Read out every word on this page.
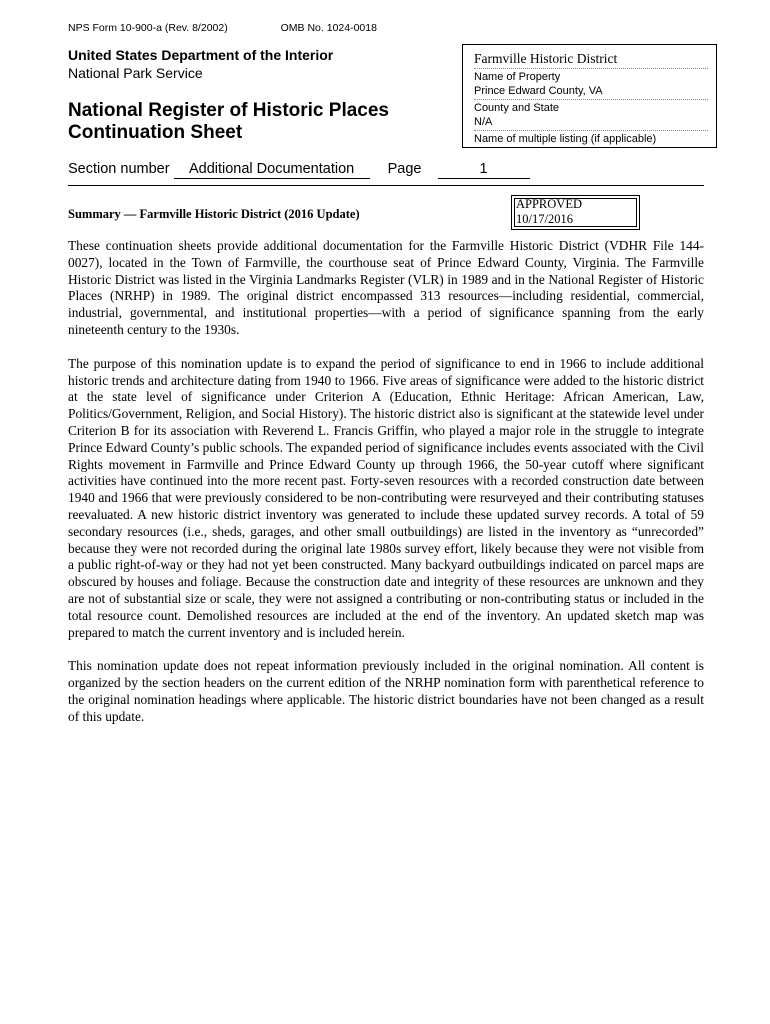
NPS Form 10-900-a (Rev. 8/2002)	OMB No. 1024-0018
United States Department of the Interior
National Park Service
National Register of Historic Places
Continuation Sheet
Farmville Historic District
Name of Property
Prince Edward County, VA
County and State
N/A
Name of multiple listing (if applicable)
Section number Additional Documentation Page	1
APPROVED
10/17/2016
Summary — Farmville Historic District (2016 Update)

These continuation sheets provide additional documentation for the Farmville Historic District (VDHR File 144-0027), located in the Town of Farmville, the courthouse seat of Prince Edward County, Virginia. The Farmville Historic District was listed in the Virginia Landmarks Register (VLR) in 1989 and in the National Register of Historic Places (NRHP) in 1989. The original district encompassed 313 resources—including residential, commercial, industrial, governmental, and institutional properties—with a period of significance spanning from the early nineteenth century to the 1930s.

The purpose of this nomination update is to expand the period of significance to end in 1966 to include additional historic trends and architecture dating from 1940 to 1966. Five areas of significance were added to the historic district at the state level of significance under Criterion A (Education, Ethnic Heritage: African American, Law, Politics/Government, Religion, and Social History). The historic district also is significant at the statewide level under Criterion B for its association with Reverend L. Francis Griffin, who played a major role in the struggle to integrate Prince Edward County’s public schools. The expanded period of significance includes events associated with the Civil Rights movement in Farmville and Prince Edward County up through 1966, the 50-year cutoff where significant activities have continued into the more recent past. Forty-seven resources with a recorded construction date between 1940 and 1966 that were previously considered to be non-contributing were resurveyed and their contributing statuses reevaluated. A new historic district inventory was generated to include these updated survey records. A total of 59 secondary resources (i.e., sheds, garages, and other small outbuildings) are listed in the inventory as “unrecorded” because they were not recorded during the original late 1980s survey effort, likely because they were not visible from a public right-of-way or they had not yet been constructed. Many backyard outbuildings indicated on parcel maps are obscured by houses and foliage. Because the construction date and integrity of these resources are unknown and they are not of substantial size or scale, they were not assigned a contributing or non-contributing status or included in the total resource count. Demolished resources are included at the end of the inventory. An updated sketch map was prepared to match the current inventory and is included herein.

This nomination update does not repeat information previously included in the original nomination. All content is organized by the section headers on the current edition of the NRHP nomination form with parenthetical reference to the original nomination headings where applicable. The historic district boundaries have not been changed as a result of this update.
